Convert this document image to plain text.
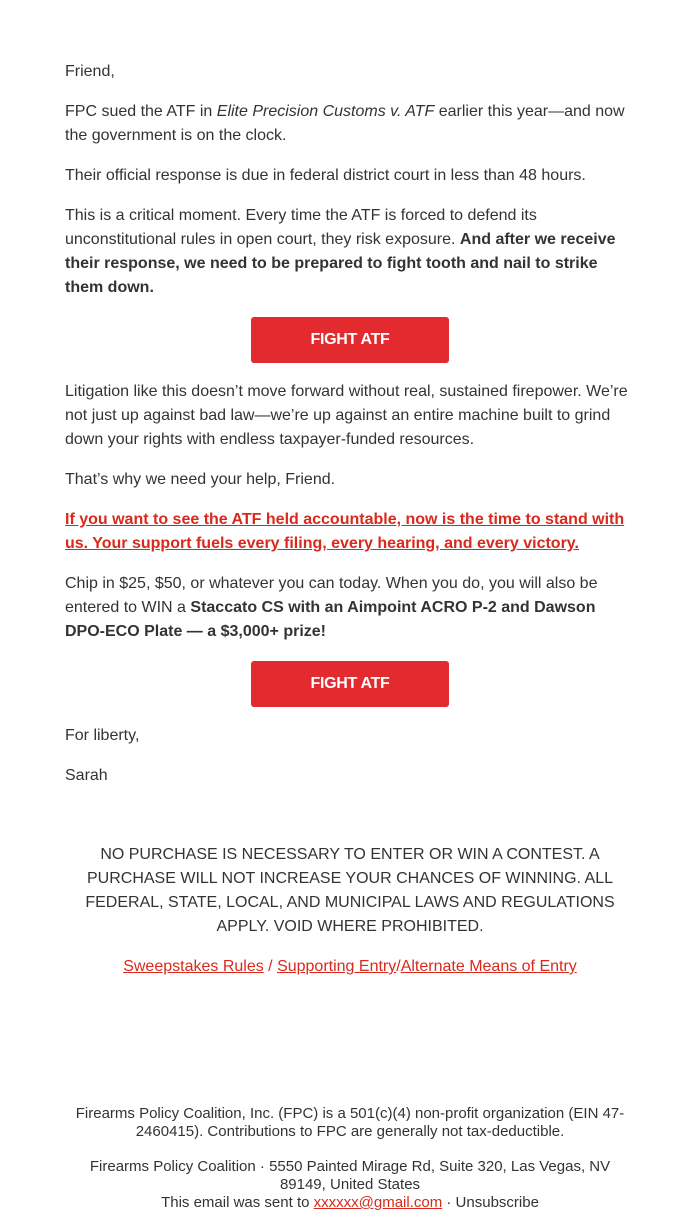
Friend,

FPC sued the ATF in Elite Precision Customs v. ATF earlier this year—and now the government is on the clock.

Their official response is due in federal district court in less than 48 hours.

This is a critical moment. Every time the ATF is forced to defend its unconstitutional rules in open court, they risk exposure. And after we receive their response, we need to be prepared to fight tooth and nail to strike them down.

Litigation like this doesn’t move forward without real, sustained firepower. We’re not just up against bad law—we’re up against an entire machine built to grind down your rights with endless taxpayer-funded resources.

That’s why we need your help, Friend.

If you want to see the ATF held accountable, now is the time to stand with us. Your support fuels every filing, every hearing, and every victory.

Chip in $25, $50, or whatever you can today. When you do, you will also be entered to WIN a Staccato CS with an Aimpoint ACRO P-2 and Dawson DPO-ECO Plate — a $3,000+ prize!

For liberty,

Sarah

FIGHT ATF
FIGHT ATF
NO PURCHASE IS NECESSARY TO ENTER OR WIN A CONTEST. A PURCHASE WILL NOT INCREASE YOUR CHANCES OF WINNING. ALL FEDERAL, STATE, LOCAL, AND MUNICIPAL LAWS AND REGULATIONS APPLY. VOID WHERE PROHIBITED.
Sweepstakes Rules / Supporting Entry/Alternate Means of Entry
Firearms Policy Coalition, Inc. (FPC) is a 501(c)(4) non-profit organization (EIN 47-2460415). Contributions to FPC are generally not tax-deductible.
Firearms Policy Coalition · 5550 Painted Mirage Rd, Suite 320, Las Vegas, NV 89149, United States
This email was sent to xxxxxx@gmail.com · Unsubscribe
